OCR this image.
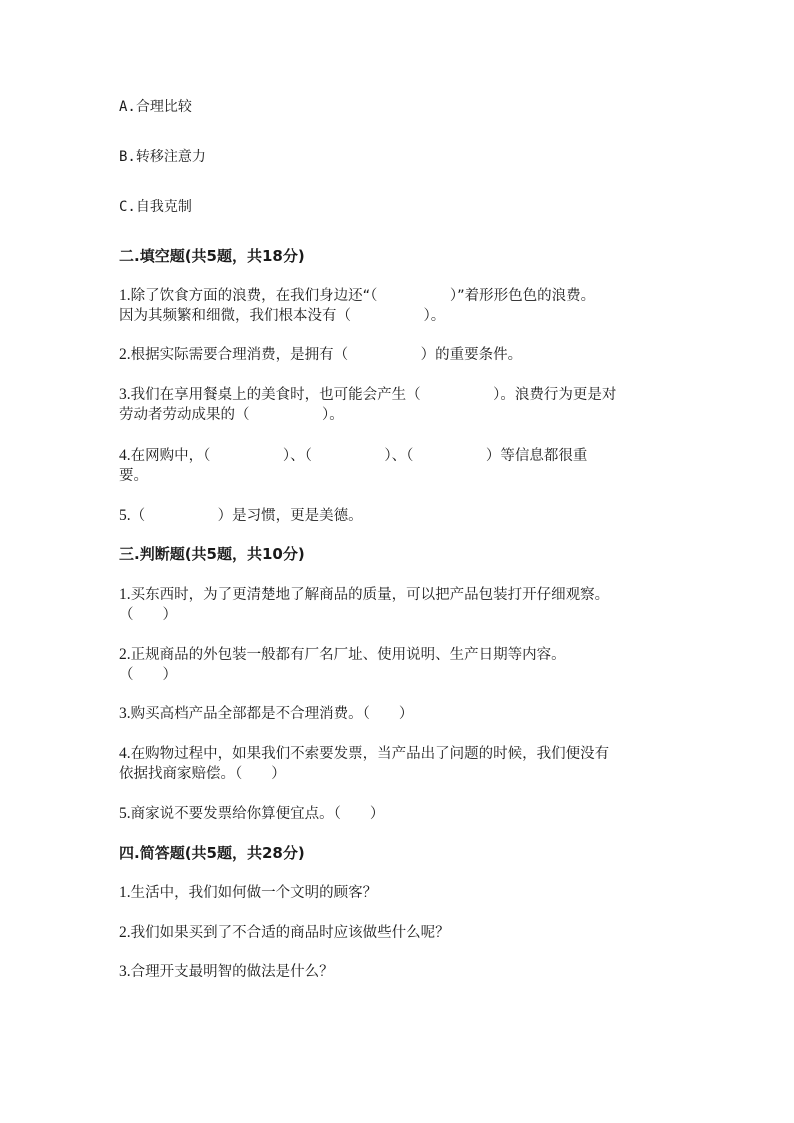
A.合理比较
B.转移注意力
C.自我克制
二.填空题(共5题，共18分)
1.除了饮食方面的浪费，在我们身边还“（　　　　　）”着形形色色的浪费。
因为其频繁和细微，我们根本没有（　　　　　）。
2.根据实际需要合理消费，是拥有（　　　　　）的重要条件。
3.我们在享用餐桌上的美食时，也可能会产生（　　　　　）。浪费行为更是对
劳动者劳动成果的（　　　　　）。
4.在网购中，（　　　　　）、（　　　　　）、（　　　　　）等信息都很重
要。
5.（　　　　　）是习惯，更是美德。
三.判断题(共5题，共10分)
1.买东西时，为了更清楚地了解商品的质量，可以把产品包装打开仔细观察。
（　　）
2.正规商品的外包装一般都有厂名厂址、使用说明、生产日期等内容。
（　　）
3.购买高档产品全部都是不合理消费。（　　）
4.在购物过程中，如果我们不索要发票，当产品出了问题的时候，我们便没有
依据找商家赔偿。（　　）
5.商家说不要发票给你算便宜点。（　　）
四.简答题(共5题，共28分)
1.生活中，我们如何做一个文明的顾客？
2.我们如果买到了不合适的商品时应该做些什么呢？
3.合理开支最明智的做法是什么？
